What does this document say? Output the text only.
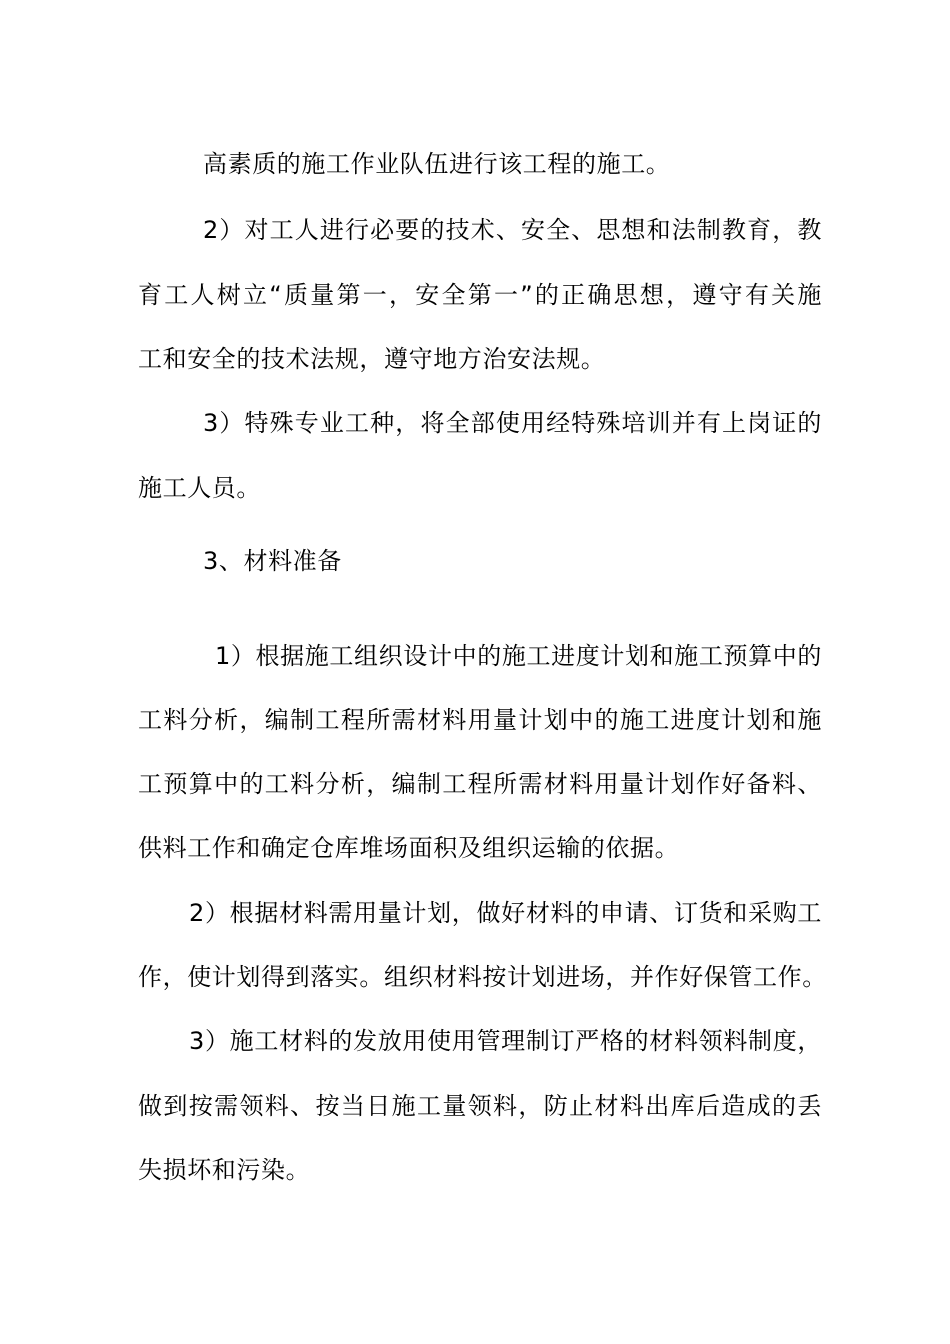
高素质的施工作业队伍进行该工程的施工。
2）对工人进行必要的技术、安全、思想和法制教育，教
育工人树立“质量第一，安全第一”的正确思想，遵守有关施
工和安全的技术法规，遵守地方治安法规。
3）特殊专业工种，将全部使用经特殊培训并有上岗证的
施工人员。
3、材料准备
1）根据施工组织设计中的施工进度计划和施工预算中的
工料分析，编制工程所需材料用量计划中的施工进度计划和施
工预算中的工料分析，编制工程所需材料用量计划作好备料、
供料工作和确定仓库堆场面积及组织运输的依据。
2）根据材料需用量计划，做好材料的申请、订货和采购工
作，使计划得到落实。组织材料按计划进场，并作好保管工作。
3）施工材料的发放用使用管理制订严格的材料领料制度，
做到按需领料、按当日施工量领料，防止材料出库后造成的丢
失损坏和污染。
